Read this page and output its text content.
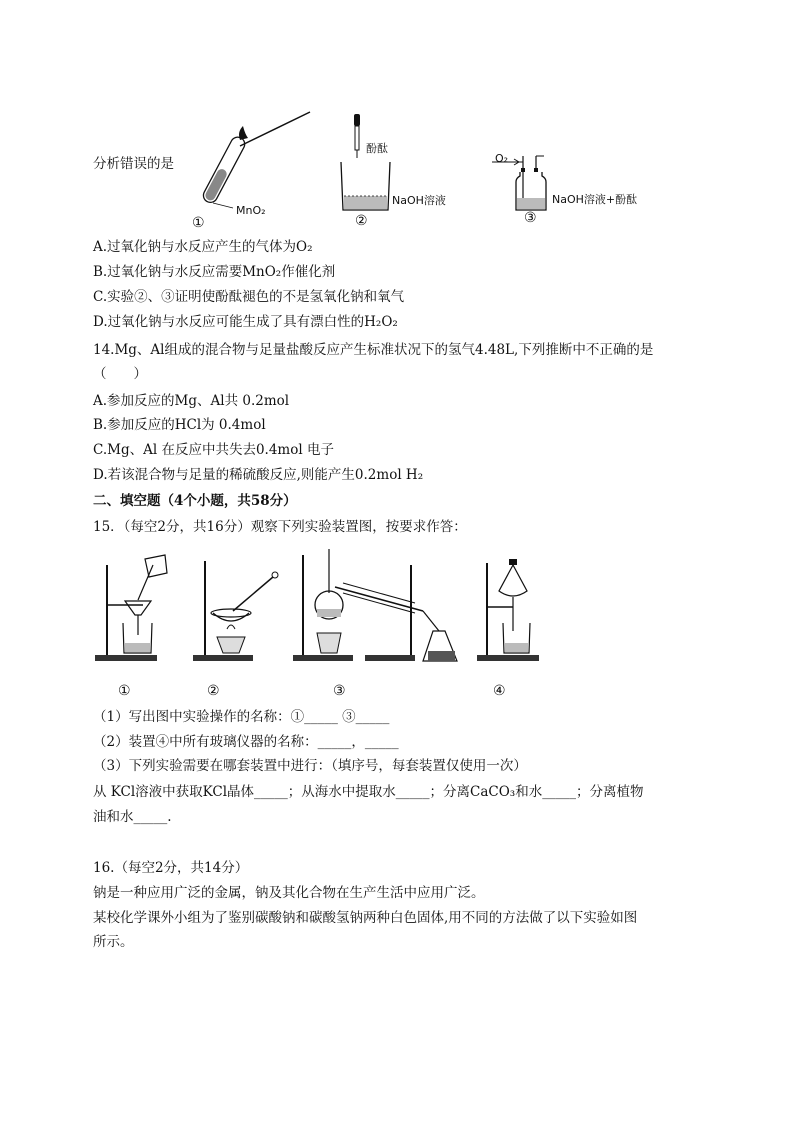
分析错误的是
MnO₂
①
酚酞
NaOH溶液
②
O₂
NaOH溶液+酚酞
③
A.过氧化钠与水反应产生的气体为O₂
B.过氧化钠与水反应需要MnO₂作催化剂
C.实验②、③证明使酚酞褪色的不是氢氧化钠和氧气
D.过氧化钠与水反应可能生成了具有漂白性的H₂O₂
14.Mg、Al组成的混合物与足量盐酸反应产生标准状况下的氢气4.48L,下列推断中不正确的是
（　　）
A.参加反应的Mg、Al共 0.2mol
B.参加反应的HCl为 0.4mol
C.Mg、Al 在反应中共失去0.4mol 电子
D.若该混合物与足量的稀硫酸反应,则能产生0.2mol H₂
二、填空题（4个小题，共58分）
15．（每空2分，共16分）观察下列实验装置图，按要求作答：
①	②	③	④
（1）写出图中实验操作的名称：①_____ ③_____
（2）装置④中所有玻璃仪器的名称：_____，_____
（3）下列实验需要在哪套装置中进行：（填序号，每套装置仅使用一次）
从 KCl溶液中获取KCl晶体_____；从海水中提取水_____；分离CaCO₃和水_____；分离植物
油和水_____.
16.（每空2分，共14分）
钠是一种应用广泛的金属，钠及其化合物在生产生活中应用广泛。
某校化学课外小组为了鉴别碳酸钠和碳酸氢钠两种白色固体,用不同的方法做了以下实验如图
所示。
